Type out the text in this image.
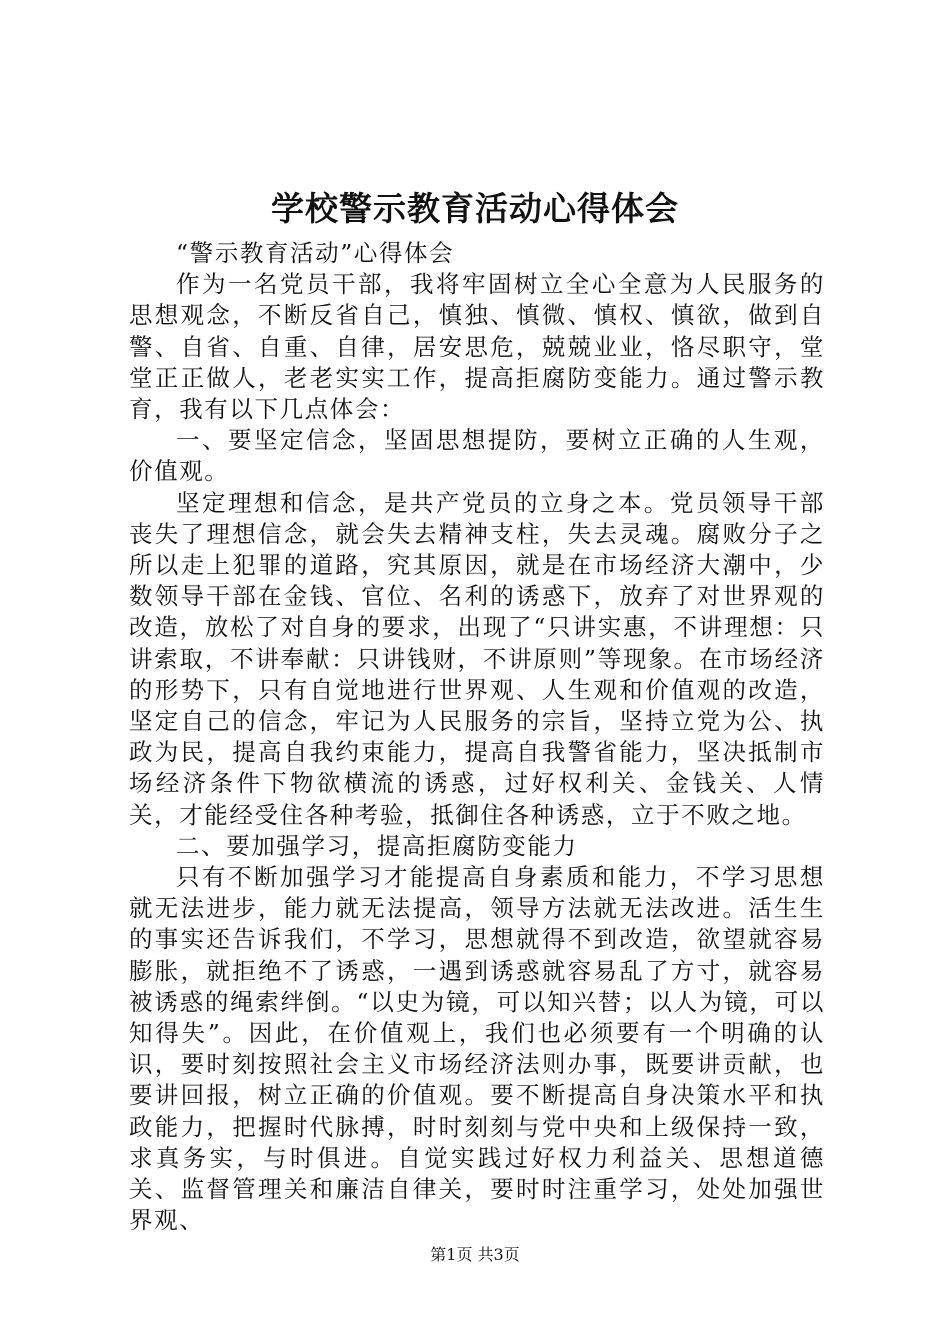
学校警示教育活动心得体会

“警示教育活动”心得体会

作为一名党员干部，我将牢固树立全心全意为人民服务的思想观念，不断反省自己，慎独、慎微、慎权、慎欲，做到自警、自省、自重、自律，居安思危，兢兢业业，恪尽职守，堂堂正正做人，老老实实工作，提高拒腐防变能力。通过警示教育，我有以下几点体会：

一、要坚定信念，坚固思想提防，要树立正确的人生观，价值观。

坚定理想和信念，是共产党员的立身之本。党员领导干部丧失了理想信念，就会失去精神支柱，失去灵魂。腐败分子之所以走上犯罪的道路，究其原因，就是在市场经济大潮中，少数领导干部在金钱、官位、名利的诱惑下，放弃了对世界观的改造，放松了对自身的要求，出现了“只讲实惠，不讲理想：只讲索取，不讲奉献：只讲钱财，不讲原则”等现象。在市场经济的形势下，只有自觉地进行世界观、人生观和价值观的改造，坚定自己的信念，牢记为人民服务的宗旨，坚持立党为公、执政为民，提高自我约束能力，提高自我警省能力，坚决抵制市场经济条件下物欲横流的诱惑，过好权利关、金钱关、人情关，才能经受住各种考验，抵御住各种诱惑，立于不败之地。

二、要加强学习，提高拒腐防变能力

只有不断加强学习才能提高自身素质和能力，不学习思想就无法进步，能力就无法提高，领导方法就无法改进。活生生的事实还告诉我们，不学习，思想就得不到改造，欲望就容易膨胀，就拒绝不了诱惑，一遇到诱惑就容易乱了方寸，就容易被诱惑的绳索绊倒。“以史为镜，可以知兴替；以人为镜，可以知得失”。因此，在价值观上，我们也必须要有一个明确的认识，要时刻按照社会主义市场经济法则办事，既要讲贡献，也要讲回报，树立正确的价值观。要不断提高自身决策水平和执政能力，把握时代脉搏，时时刻刻与党中央和上级保持一致，求真务实，与时俱进。自觉实践过好权力利益关、思想道德关、监督管理关和廉洁自律关，要时时注重学习，处处加强世界观、

第1页 共3页
